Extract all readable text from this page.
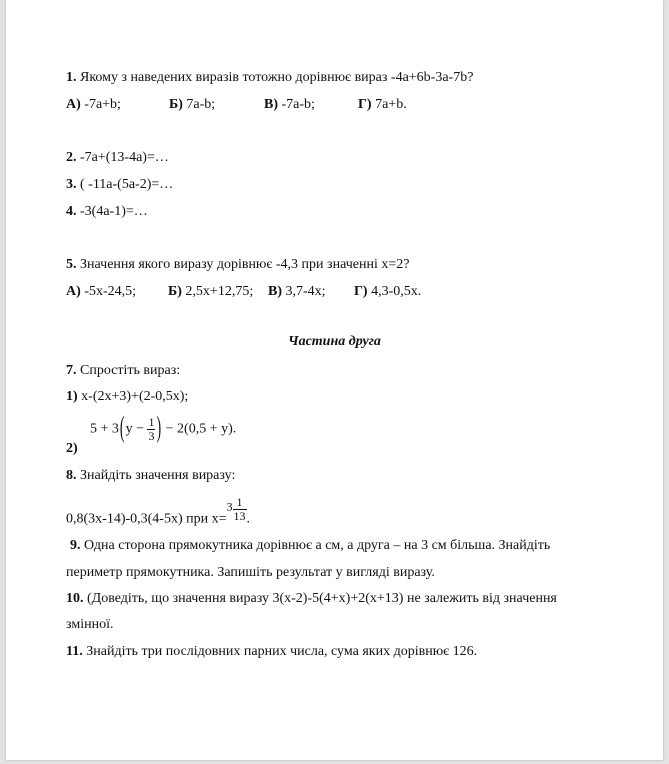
1. Якому з наведених виразів тотожно дорівнює вираз -4a+6b-3a-7b?
А) -7a+b;	Б) 7a-b;	В) -7a-b;	Г) 7a+b.
2. -7a+(13-4a)=…
3. ( -11a-(5a-2)=…
4. -3(4a-1)=…
5. Значення якого виразу дорівнює -4,3 при значенні x=2?
А) -5x-24,5; Б) 2,5x+12,75; В) 3,7-4x; Г) 4,3-0,5x.
Частина друга
7. Спростіть вираз:
1) x-(2x+3)+(2-0,5x);
2)
$5 + 3(y - \frac{1}{3}$ ) − 2(0,5 + y).
8. Знайдіть значення виразу:
0,8(3x-14)-0,3(4-5x) при $x=3 \frac{1}{13}$ .
9. Одна сторона прямокутника дорівнює a см, а друга – на 3 см більша. Знайдіть
периметр прямокутника. Запишіть результат у вигляді виразу.
10. (Доведіть, що значення виразу 3(x-2)-5(4+x)+2(x+13) не залежить від значення
змінної.
11. Знайдіть три послідовних парних числа, сума яких дорівнює 126.
